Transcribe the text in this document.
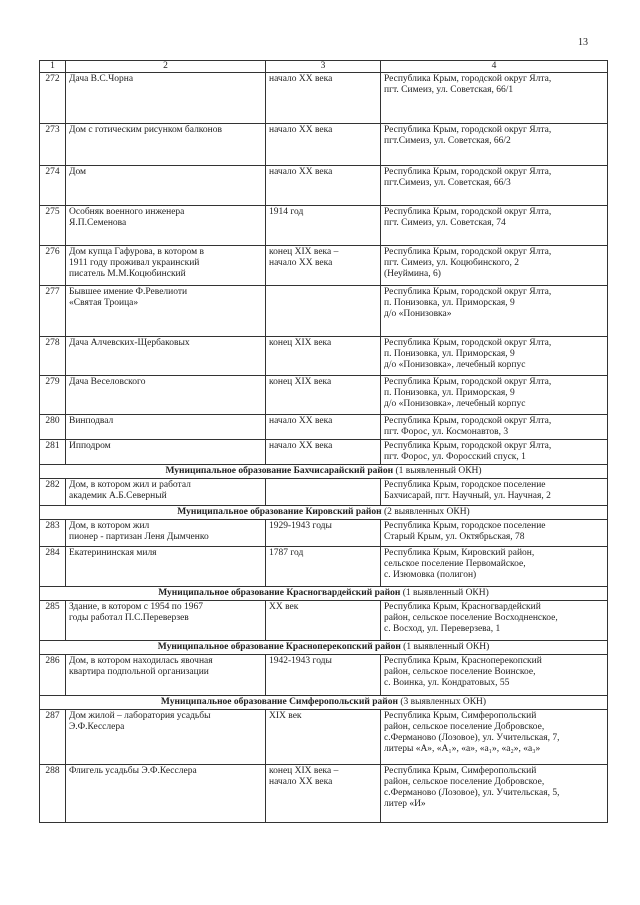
13
1	2	3	4
272	Дача В.С.Чорна	начало XX века	Республика Крым, городской округ Ялта,
пгт. Симеиз, ул. Советская, 66/1

273	Дом с готическим рисунком балконов	начало XX века	Республика Крым, городской округ Ялта,
пгт.Симеиз, ул. Советская, 66/2

274	Дом	начало XX века	Республика Крым, городской округ Ялта,
пгт.Симеиз, ул. Советская, 66/3

275	Особняк военного инженера
Я.П.Семенова	1914 год	Республика Крым, городской округ Ялта,
пгт. Симеиз, ул. Советская, 74

276	Дом купца Гафурова, в котором в
1911 году проживал украинский
писатель М.М.Коцюбинский	конец XIX века –
начало XX века	Республика Крым, городской округ Ялта,
пгт. Симеиз, ул. Коцюбинского, 2
(Неуймина, 6)

277	Бывшее имение Ф.Ревелиоти
«Святая Троица»		Республика Крым, городской округ Ялта,
п. Понизовка, ул. Приморская, 9
д/о «Понизовка»

278	Дача Алчевских-Щербаковых	конец XIX века	Республика Крым, городской округ Ялта,
п. Понизовка, ул. Приморская, 9
д/о «Понизовка», лечебный корпус

279	Дача Веселовского	конец XIX века	Республика Крым, городской округ Ялта,
п. Понизовка, ул. Приморская, 9
д/о «Понизовка», лечебный корпус

280	Винподвал	начало XX века	Республика Крым, городской округ Ялта,
пгт. Форос, ул. Космонавтов, 3

281	Ипподром	начало XX века	Республика Крым, городской округ Ялта,
пгт. Форос, ул. Форосский спуск, 1

Муниципальное образование Бахчисарайский район (1 выявленный ОКН)			
282	Дом, в котором жил и работал
академик А.Б.Северный		Республика Крым, городское поселение
Бахчисарай, пгт. Научный, ул. Научная, 2

Муниципальное образование Кировский район (2 выявленных ОКН)			
283	Дом, в котором жил
пионер - партизан Леня Дымченко	1929-1943 годы	Республика Крым, городское поселение
Старый Крым, ул. Октябрьская, 78

284	Екатерининская миля	1787 год	Республика Крым, Кировский район,
сельское поселение Первомайское,
с. Изюмовка (полигон)

Муниципальное образование Красногвардейский район (1 выявленный ОКН)			
285	Здание, в котором с 1954 по 1967
годы работал П.С.Переверзев	XX век	Республика Крым, Красногвардейский
район, сельское поселение Восходненское,
с. Восход, ул. Переверзева, 1

Муниципальное образование Красноперекопский район (1 выявленный ОКН)			
286	Дом, в котором находилась явочная
квартира подпольной организации	1942-1943 годы	Республика Крым, Красноперекопский
район, сельское поселение Воинское,
с. Воинка, ул. Кондратовых, 55

Муниципальное образование Симферопольский район (3 выявленных ОКН)			
287	Дом жилой – лаборатория усадьбы
Э.Ф.Кесслера	XIX век	Республика Крым, Симферопольский
район, сельское поселение Добровское,
с.Ферманово (Лозовое), ул. Учительская, 7,
литеры «А», «А₁», «а», «а₁», «а₂», «а₃»

288	Флигель усадьбы Э.Ф.Кесслера	конец XIX века –
начало XX века	Республика Крым, Симферопольский
район, сельское поселение Добровское,
с.Ферманово (Лозовое), ул. Учительская, 5,
литер «И»
